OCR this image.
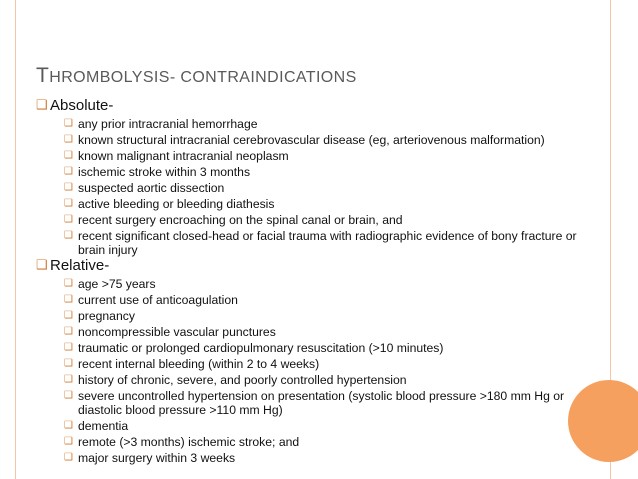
THROMBOLYSIS- CONTRAINDICATIONS
❑ Absolute-
❑ any prior intracranial hemorrhage
❑ known structural intracranial cerebrovascular disease (eg, arteriovenous malformation)
❑ known malignant intracranial neoplasm
❑ ischemic stroke within 3 months
❑ suspected aortic dissection
❑ active bleeding or bleeding diathesis
❑ recent surgery encroaching on the spinal canal or brain, and
❑ recent significant closed-head or facial trauma with radiographic evidence of bony fracture or brain injury
❑ Relative-
❑ age >75 years
❑ current use of anticoagulation
❑ pregnancy
❑ noncompressible vascular punctures
❑ traumatic or prolonged cardiopulmonary resuscitation (>10 minutes)
❑ recent internal bleeding (within 2 to 4 weeks)
❑ history of chronic, severe, and poorly controlled hypertension
❑ severe uncontrolled hypertension on presentation (systolic blood pressure >180 mm Hg or diastolic blood pressure >110 mm Hg)
❑ dementia
❑ remote (>3 months) ischemic stroke; and
❑ major surgery within 3 weeks
